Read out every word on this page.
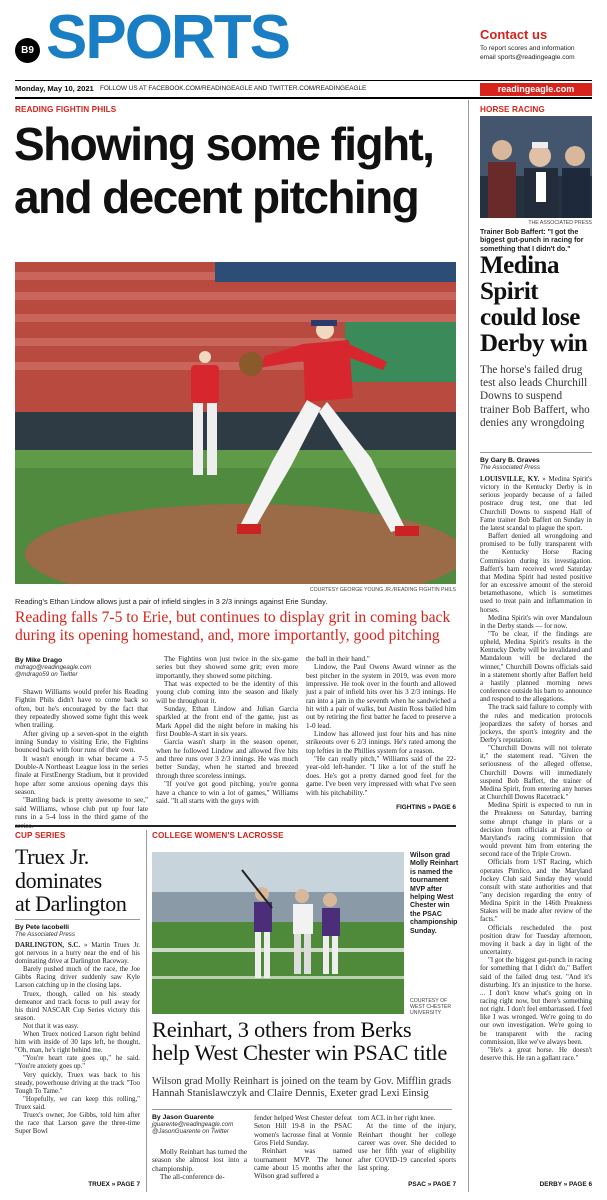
B9 SPORTS	Contact us
To report scores and information
email sports@readingeagle.com
Monday, May 10, 2021 FOLLOW US AT FACEBOOK.COM/READINGEAGLE AND TWITTER.COM/READINGEAGLE	readingeagle.com
READING FIGHTIN PHILS
Showing some fight,
and decent pitching
COURTESY GEORGE YOUNG JR./READING FIGHTIN PHILS
Reading's Ethan Lindow allows just a pair of infield singles in 3 2/3 innings against Erie Sunday.
Reading falls 7-5 to Erie, but continues to display grit in coming back
during its opening homestand, and, more importantly, good pitching
By Mike Drago
mdrago@readingeagle.com
@mdrago59 on Twitter

Shawn Williams would prefer his Reading Fightin Phils didn't have to come back so often, but he's encouraged by the fact that they repeatedly showed some fight this week when trailing.

After giving up a seven-spot in the eighth inning Sunday to visiting Erie, the Fightins bounced back with four runs of their own.

It wasn't enough in what became a 7-5 Double-A Northeast League loss in the series finale at FirstEnergy Stadium, but it provided hope after some anxious opening days this season.

"Battling back is pretty awesome to see," said Williams, whose club put up four late runs in a 5-4 loss in the third game of the

The Fightins won just twice in the six-game series but they showed some grit; even more importantly, they showed some pitching.

That was expected to be the identity of this young club coming into the season and likely will be throughout it.

Sunday, Ethan Lindow and Julian Garcia sparkled at the front end of the game, just as Mark Appel did the night before in making his first Double-A start in six years.

Garcia wasn't sharp in the season opener, when he followed Lindow and allowed five hits and three runs over 3 2/3 innings. He was much better Sunday, when he started and breezed through three scoreless innings.

"If you've got good pitching, you're gonna have a chance to win a lot of games," Williams said. "It all starts with the guys with

the ball in their hand."

Lindow, the Paul Owens Award winner as the best pitcher in the system in 2019, was even more impressive. He took over in the fourth and allowed just a pair of infield hits over his 3 2/3 innings. He ran into a jam in the seventh when he sandwiched a hit with a pair of walks, but Austin Ross bailed him out by retiring the first batter he faced to preserve a 1-0 lead.

Lindow has allowed just four hits and has nine strikeouts over 6 2/3 innings. He's rated among the top lefties in the Phillies system for a reason.

"He can really pitch," Williams said of the 22-year-old left-hander. "I like a lot of the stuff he does. He's got a pretty darned good feel for the game. I've been very impressed with what I've seen with his pitchability."

FIGHTINS » PAGE 6
HORSE RACING
THE ASSOCIATED PRESS
Trainer Bob Baffert: "I got the biggest gut-punch in racing for something that I didn't do."
Medina
Spirit
could lose
Derby win
The horse's failed drug test also leads Churchill Downs to suspend trainer Bob Baffert, who denies any wrongdoing
By Gary B. Graves
The Associated Press

LOUISVILLE, KY. » Medina Spirit's victory in the Kentucky Derby is in serious jeopardy because of a failed postrace drug test, one that led Churchill Downs to suspend Hall of Fame trainer Bob Baffert on Sunday in the latest scandal to plague the sport.

Baffert denied all wrongdoing and promised to be fully transparent with the Kentucky Horse Racing Commission during its investigation. Baffert's barn received word Saturday that Medina Spirit had tested positive for an excessive amount of the steroid betamethasone, which is sometimes used to treat pain and inflammation in horses.

Medina Spirit's win over Mandaloun in the Derby stands — for now.

"To be clear, if the findings are upheld, Medina Spirit's results in the Kentucky Derby will be invalidated and Mandaloun will be declared the winner," Churchill Downs officials said in a statement shortly after Baffert held a hastily planned morning news conference outside his barn to announce and respond to the allegations.

The track said failure to comply with the rules and medication protocols jeopardizes the safety of horses and jockeys, the sport's integrity and the Derby's reputation.

"Churchill Downs will not tolerate it," the statement read. "Given the seriousness of the alleged offense, Churchill Downs will immediately suspend Bob Baffert, the trainer of Medina Spirit, from entering any horses at Churchill Downs Racetrack."

Medina Spirit is expected to run in the Preakness on Saturday, barring some abrupt change in plans or a decision from officials at Pimlico or Maryland's racing commission that would prevent him from entering the second race of the Triple Crown.

Officials from 1/ST Racing, which operates Pimlico, and the Maryland Jockey Club said Sunday they would consult with state authorities and that "any decision regarding the entry of Medina Spirit in the 146th Preakness Stakes will be made after review of the facts."

Officials rescheduled the post position draw for Tuesday afternoon, moving it back a day in light of the uncertainty.

"I got the biggest gut-punch in racing for something that I didn't do," Baffert said of the failed drug test. "And it's disturbing. It's an injustice to the horse. ... I don't know what's going on in racing right now, but there's something not right. I don't feel embarrassed. I feel like I was wronged. We're going to do our own investigation. We're going to be transparent with the racing commission, like we've always been.

"He's a great horse. He doesn't deserve this. He ran a gallant race."

DERBY » PAGE 6
CUP SERIES
Truex Jr.
dominates
at Darlington
By Pete Iacobelli
The Associated Press

DARLINGTON, S.C. » Martin Truex Jr. got nervous in a hurry near the end of his dominating drive at Darlington Raceway.

Barely pushed much of the race, the Joe Gibbs Racing driver suddenly saw Kyle Larson catching up in the closing laps.

Truex, though, called on his steady demeanor and track focus to pull away for his third NASCAR Cup Series victory this season.

Not that it was easy.

When Truex noticed Larson right behind him with inside of 30 laps left, he thought, "Oh, man, he's right behind me.

"You're heart rate goes up," he said. "You're anxiety goes up."

Very quickly, Truex was back to his steady, powerhouse driving at the track "Too Tough To Tame."

"Hopefully, we can keep this rolling," Truex said.

Truex's owner, Joe Gibbs, told him after the race that Larson gave the three-time Super Bowl

TRUEX » PAGE 7
COLLEGE WOMEN'S LACROSSE
Wilson grad Molly Reinhart is named the tournament MVP after helping West Chester win the PSAC championship Sunday.
COURTESY OF WEST CHESTER UNIVERSITY
Reinhart, 3 others from Berks
help West Chester win PSAC title
Wilson grad Molly Reinhart is joined on the team by Gov. Mifflin grads
Hannah Stanislawczyk and Claire Dennis, Exeter grad Lexi Einsig
By Jason Guarente
jguarente@readingeagle.com
@JasonGuarente on Twitter

Molly Reinhart has turned the season she almost lost into a championship.

The all-conference de-

fender helped West Chester defeat Seton Hill 19-8 in the PSAC women's lacrosse final at Vonnie Gros Field Sunday.

Reinhart was named tournament MVP. The honor came about 15 months after the Wilson grad suffered a

torn ACL in her right knee.

At the time of the injury, Reinhart thought her college career was over. She decided to use her fifth year of eligibility after COVID-19 canceled sports last spring.

PSAC » PAGE 7
